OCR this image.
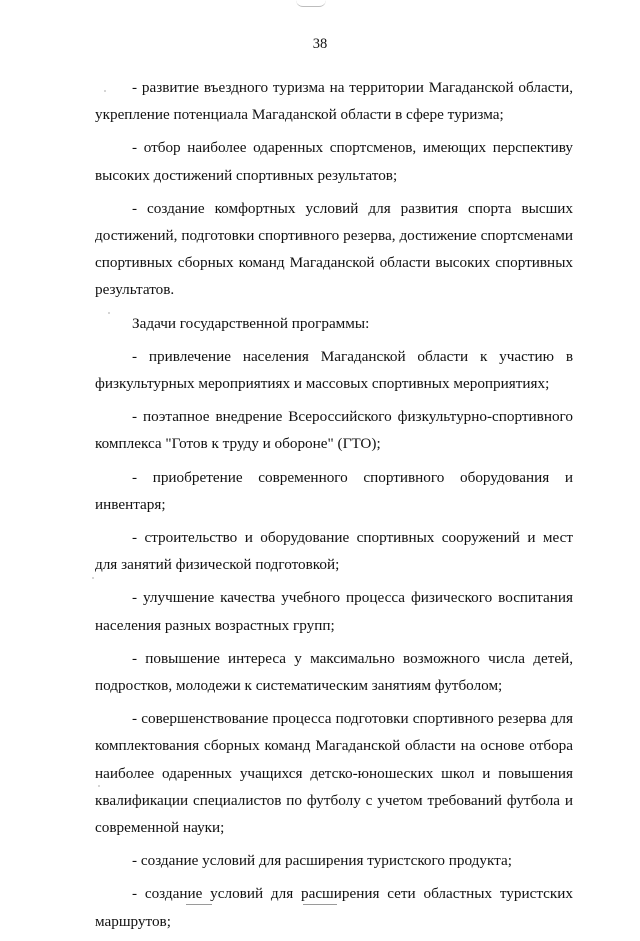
38

- развитие въездного туризма на территории Магаданской области, укрепление потенциала Магаданской области в сфере туризма;

- отбор наиболее одаренных спортсменов, имеющих перспективу высоких достижений спортивных результатов;

- создание комфортных условий для развития спорта высших достижений, подготовки спортивного резерва, достижение спортсменами спортивных сборных команд Магаданской области высоких спортивных результатов.

Задачи государственной программы:

- привлечение населения Магаданской области к участию в физкультурных мероприятиях и массовых спортивных мероприятиях;

- поэтапное внедрение Всероссийского физкультурно-спортивного комплекса "Готов к труду и обороне" (ГТО);

- приобретение современного спортивного оборудования и инвентаря;

- строительство и оборудование спортивных сооружений и мест для занятий физической подготовкой;

- улучшение качества учебного процесса физического воспитания населения разных возрастных групп;

- повышение интереса у максимально возможного числа детей, подростков, молодежи к систематическим занятиям футболом;

- совершенствование процесса подготовки спортивного резерва для комплектования сборных команд Магаданской области на основе отбора наиболее одаренных учащихся детско-юношеских школ и повышения квалификации специалистов по футболу с учетом требований футбола и современной науки;

- создание условий для расширения туристского продукта;

- создание условий для расширения сети областных туристских маршрутов;
